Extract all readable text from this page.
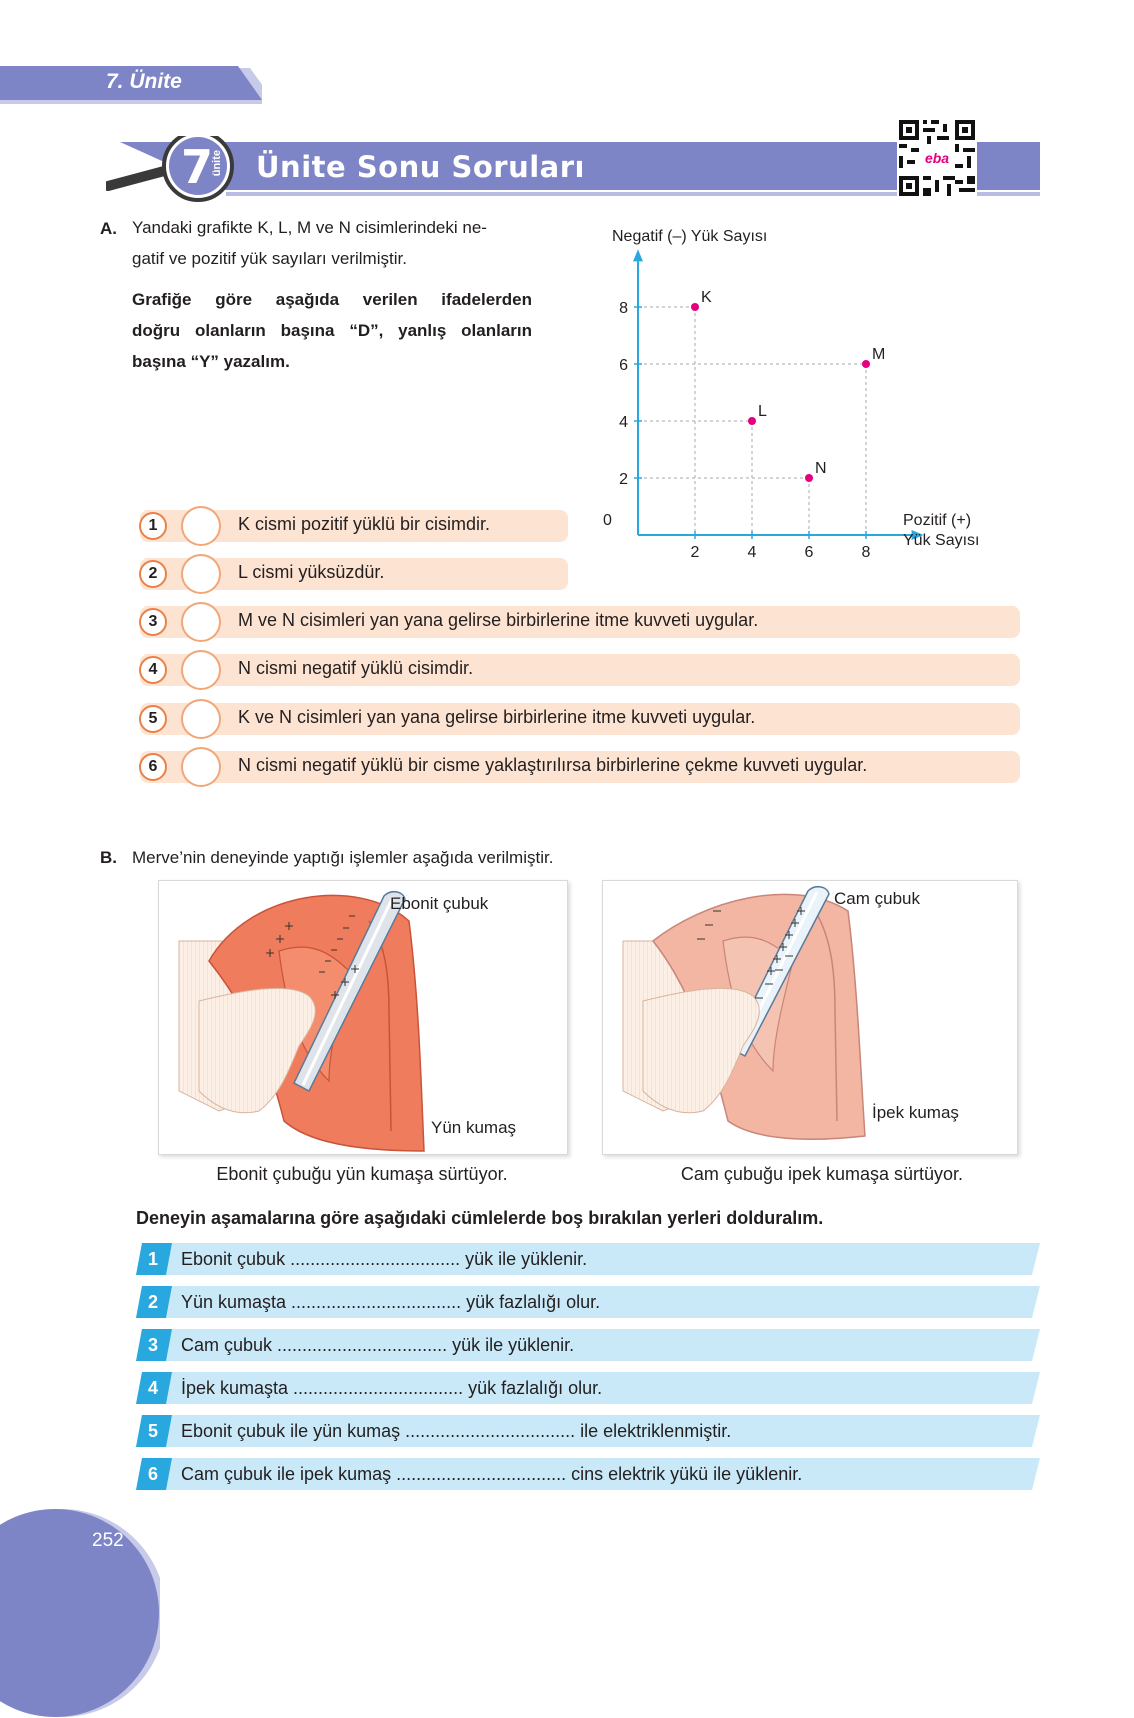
7. Ünite
7
ünite Ünite Sonu Soruları	eba
A. Yandaki grafikte K, L, M ve N cisimlerindeki ne-
gatif ve pozitif yük sayıları verilmiştir.
Grafiğe göre aşağıda verilen ifadelerden
doğru olanların başına “D”, yanlış olanların
başına “Y” yazalım.
2	4	6	8
2
4
6
8
K
L
M
N
Negatif (–) Yük Sayısı
Pozitif (+)
Yük Sayısı
0
1	K cismi pozitif yüklü bir cisimdir.
2	L cismi yüksüzdür.
3	M ve N cisimleri yan yana gelirse birbirlerine itme kuvveti uygular.
4	N cismi negatif yüklü cisimdir.
5	K ve N cisimleri yan yana gelirse birbirlerine itme kuvveti uygular.
6	N cismi negatif yüklü bir cisme yaklaştırılırsa birbirlerine çekme kuvveti uygular.
B. Merve’nin deneyinde yaptığı işlemler aşağıda verilmiştir.
Ebonit çubuk
Yün kumaş
Cam çubuk
İpek kumaş
Ebonit çubuğu yün kumaşa sürtüyor.	Cam çubuğu ipek kumaşa sürtüyor.
Deneyin aşamalarına göre aşağıdaki cümlelerde boş bırakılan yerleri dolduralım.
1	Ebonit çubuk .................................. yük ile yüklenir.
2	Yün kumaşta .................................. yük fazlalığı olur.
3	Cam çubuk .................................. yük ile yüklenir.
4	İpek kumaşta .................................. yük fazlalığı olur.
5	Ebonit çubuk ile yün kumaş .................................. ile elektriklenmiştir.
6	Cam çubuk ile ipek kumaş .................................. cins elektrik yükü ile yüklenir.
252
